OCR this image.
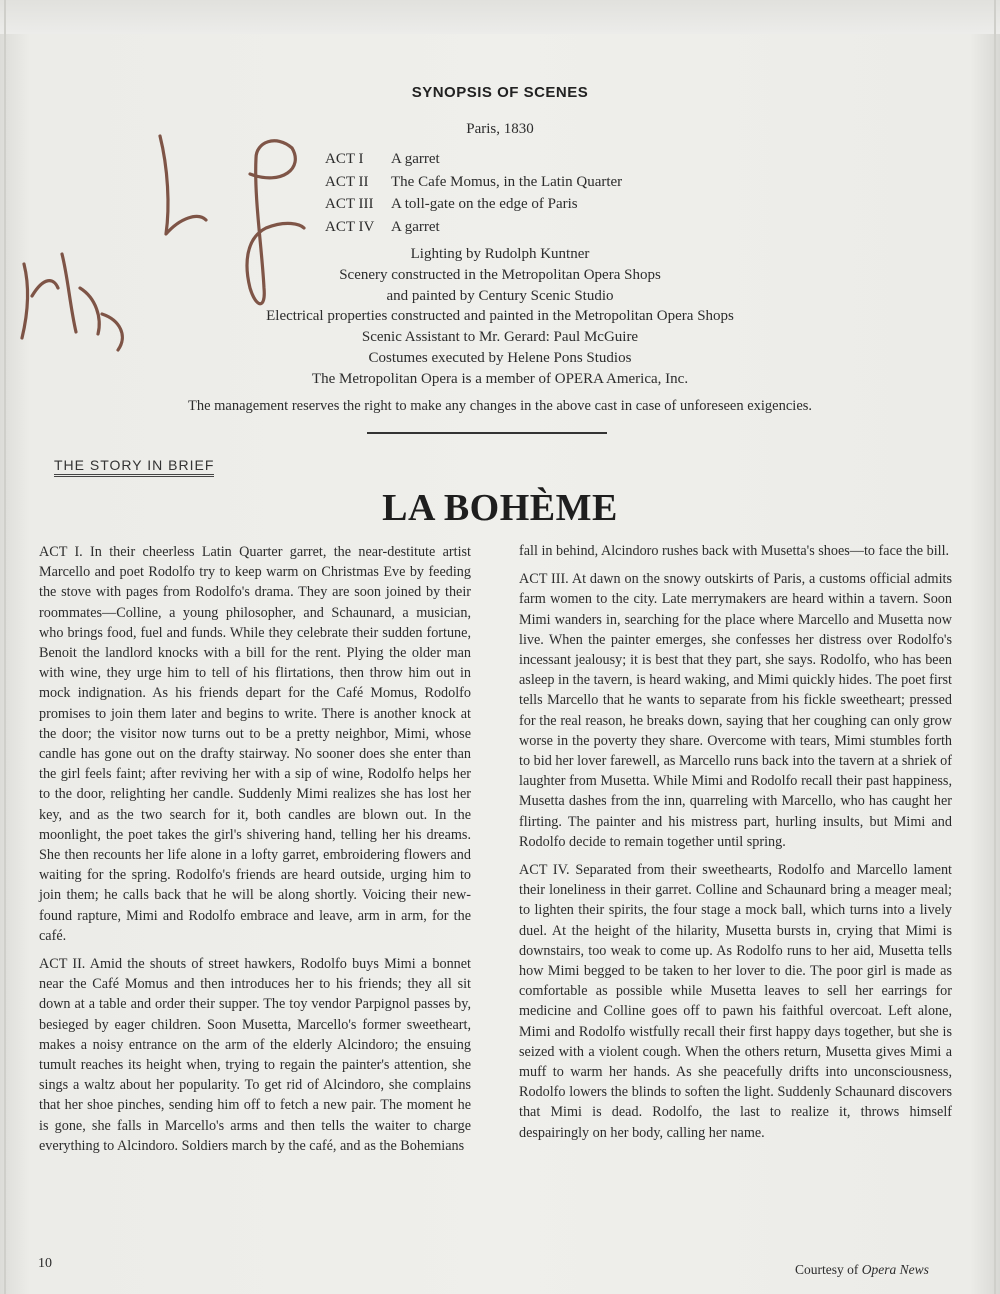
SYNOPSIS OF SCENES
Paris, 1830
ACT I A garret
ACT II The Cafe Momus, in the Latin Quarter
ACT III A toll-gate on the edge of Paris
ACT IV A garret
Lighting by Rudolph Kuntner
Scenery constructed in the Metropolitan Opera Shops
and painted by Century Scenic Studio
Electrical properties constructed and painted in the Metropolitan Opera Shops
Scenic Assistant to Mr. Gerard: Paul McGuire
Costumes executed by Helene Pons Studios
The Metropolitan Opera is a member of OPERA America, Inc.
The management reserves the right to make any changes in the above cast in case of unforeseen exigencies.
THE STORY IN BRIEF
LA BOHÈME

ACT I. In their cheerless Latin Quarter garret, the near-destitute artist Marcello and poet Rodolfo try to keep warm on Christmas Eve by feeding the stove with pages from Rodolfo's drama. They are soon joined by their roommates—Colline, a young philosopher, and Schaunard, a musician, who brings food, fuel and funds. While they celebrate their sudden fortune, Benoit the landlord knocks with a bill for the rent. Plying the older man with wine, they urge him to tell of his flirtations, then throw him out in mock indignation. As his friends depart for the Café Momus, Rodolfo promises to join them later and begins to write. There is another knock at the door; the visitor now turns out to be a pretty neighbor, Mimi, whose candle has gone out on the drafty stairway. No sooner does she enter than the girl feels faint; after reviving her with a sip of wine, Rodolfo helps her to the door, relighting her candle. Suddenly Mimi realizes she has lost her key, and as the two search for it, both candles are blown out. In the moonlight, the poet takes the girl's shivering hand, telling her his dreams. She then recounts her life alone in a lofty garret, embroidering flowers and waiting for the spring. Rodolfo's friends are heard outside, urging him to join them; he calls back that he will be along shortly. Voicing their new-found rapture, Mimi and Rodolfo embrace and leave, arm in arm, for the café.

ACT II. Amid the shouts of street hawkers, Rodolfo buys Mimi a bonnet near the Café Momus and then introduces her to his friends; they all sit down at a table and order their supper. The toy vendor Parpignol passes by, besieged by eager children. Soon Musetta, Marcello's former sweetheart, makes a noisy entrance on the arm of the elderly Alcindoro; the ensuing tumult reaches its height when, trying to regain the painter's attention, she sings a waltz about her popularity. To get rid of Alcindoro, she complains that her shoe pinches, sending him off to fetch a new pair. The moment he is gone, she falls in Marcello's arms and then tells the waiter to charge everything to Alcindoro. Soldiers march by the café, and as the Bohemians

fall in behind, Alcindoro rushes back with Musetta's shoes—to face the bill.

ACT III. At dawn on the snowy outskirts of Paris, a customs official admits farm women to the city. Late merrymakers are heard within a tavern. Soon Mimi wanders in, searching for the place where Marcello and Musetta now live. When the painter emerges, she confesses her distress over Rodolfo's incessant jealousy; it is best that they part, she says. Rodolfo, who has been asleep in the tavern, is heard waking, and Mimi quickly hides. The poet first tells Marcello that he wants to separate from his fickle sweetheart; pressed for the real reason, he breaks down, saying that her coughing can only grow worse in the poverty they share. Overcome with tears, Mimi stumbles forth to bid her lover farewell, as Marcello runs back into the tavern at a shriek of laughter from Musetta. While Mimi and Rodolfo recall their past happiness, Musetta dashes from the inn, quarreling with Marcello, who has caught her flirting. The painter and his mistress part, hurling insults, but Mimi and Rodolfo decide to remain together until spring.

ACT IV. Separated from their sweethearts, Rodolfo and Marcello lament their loneliness in their garret. Colline and Schaunard bring a meager meal; to lighten their spirits, the four stage a mock ball, which turns into a lively duel. At the height of the hilarity, Musetta bursts in, crying that Mimi is downstairs, too weak to come up. As Rodolfo runs to her aid, Musetta tells how Mimi begged to be taken to her lover to die. The poor girl is made as comfortable as possible while Musetta leaves to sell her earrings for medicine and Colline goes off to pawn his faithful overcoat. Left alone, Mimi and Rodolfo wistfully recall their first happy days together, but she is seized with a violent cough. When the others return, Musetta gives Mimi a muff to warm her hands. As she peacefully drifts into unconsciousness, Rodolfo lowers the blinds to soften the light. Suddenly Schaunard discovers that Mimi is dead. Rodolfo, the last to realize it, throws himself despairingly on her body, calling her name.

10	Courtesy of Opera News
